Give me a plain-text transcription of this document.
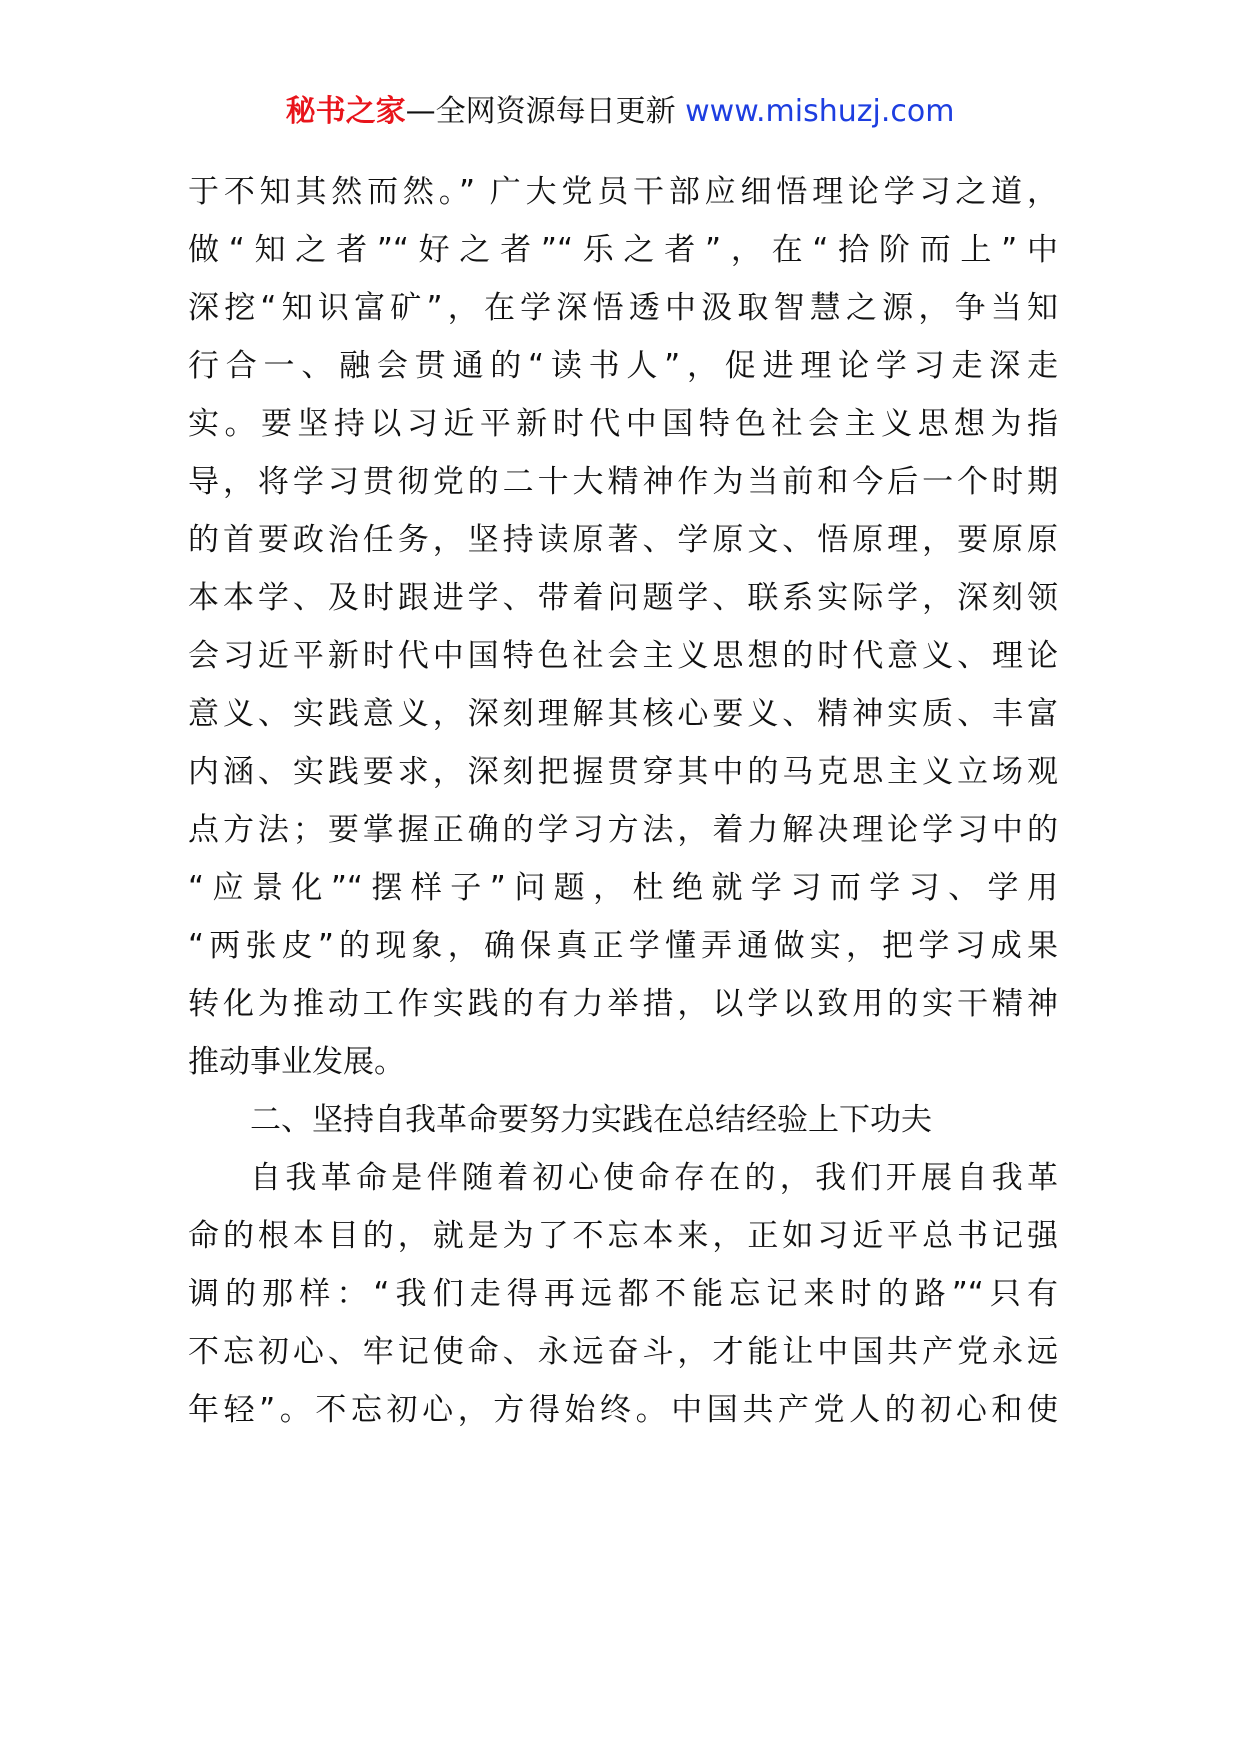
秘书之家—全网资源每日更新 www.mishuzj.com
于不知其然而然。” 广大党员干部应细悟理论学习之道，
做“知之者”“好之者”“乐之者”，在“拾阶而上”中
深挖“知识富矿”，在学深悟透中汲取智慧之源，争当知
行合一、融会贯通的“读书人”，促进理论学习走深走
实。要坚持以习近平新时代中国特色社会主义思想为指
导，将学习贯彻党的二十大精神作为当前和今后一个时期
的首要政治任务，坚持读原著、学原文、悟原理，要原原
本本学、及时跟进学、带着问题学、联系实际学，深刻领
会习近平新时代中国特色社会主义思想的时代意义、理论
意义、实践意义，深刻理解其核心要义、精神实质、丰富
内涵、实践要求，深刻把握贯穿其中的马克思主义立场观
点方法；要掌握正确的学习方法，着力解决理论学习中的
“应景化”“摆样子”问题，杜绝就学习而学习、学用
“两张皮”的现象，确保真正学懂弄通做实，把学习成果
转化为推动工作实践的有力举措，以学以致用的实干精神
推动事业发展。
二、坚持自我革命要努力实践在总结经验上下功夫
自我革命是伴随着初心使命存在的，我们开展自我革
命的根本目的，就是为了不忘本来，正如习近平总书记强
调的那样：“我们走得再远都不能忘记来时的路”“只有
不忘初心、牢记使命、永远奋斗，才能让中国共产党永远
年轻”。不忘初心，方得始终。中国共产党人的初心和使
